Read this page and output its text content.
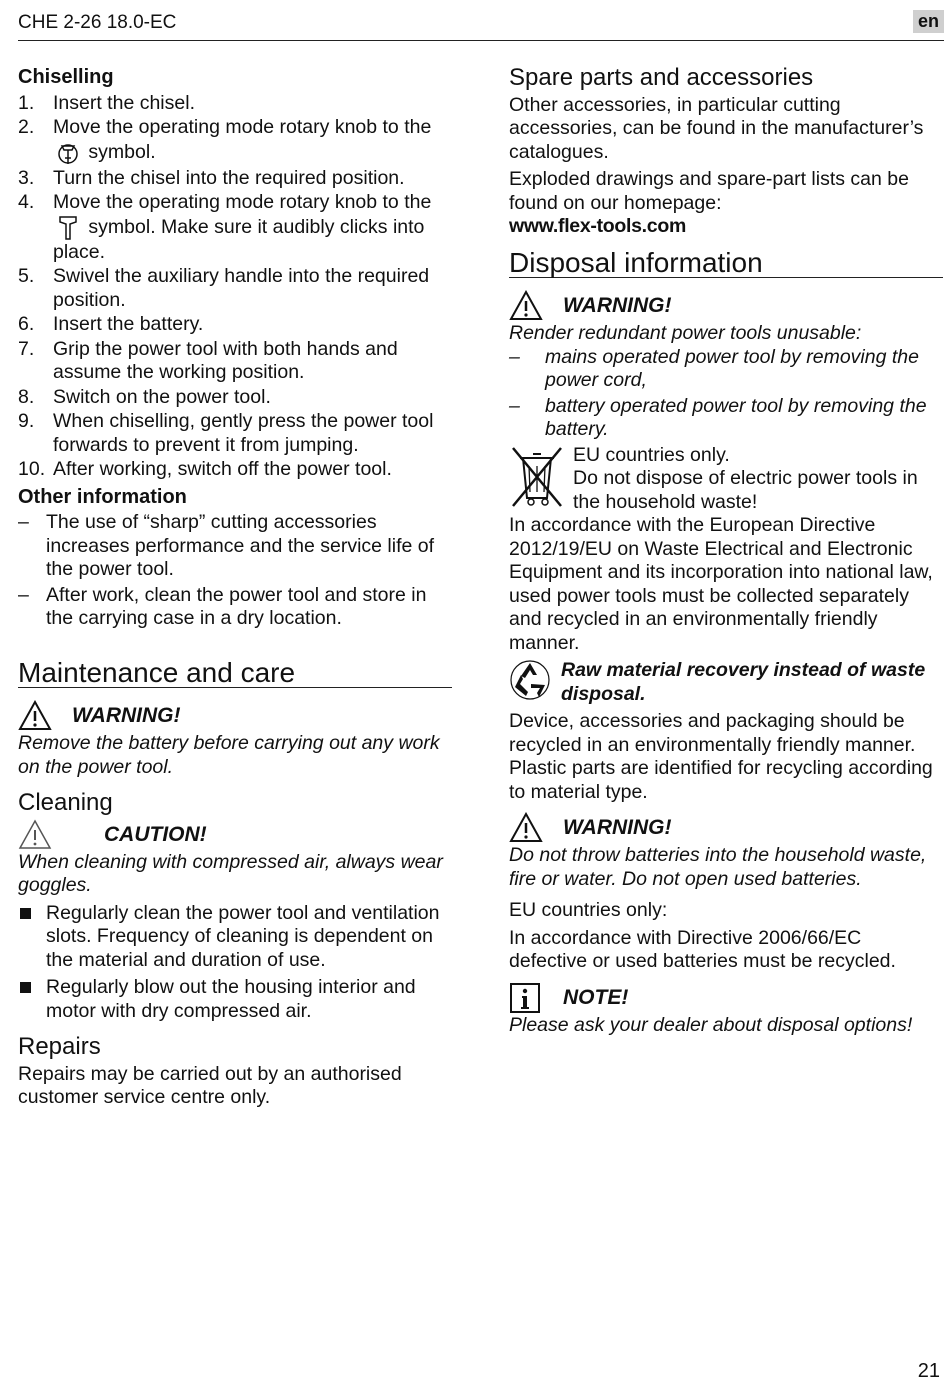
CHE 2-26 18.0-EC	en
Chiselling
1. Insert the chisel.
2. Move the operating mode rotary knob to the  symbol.
3. Turn the chisel into the required position.
4. Move the operating mode rotary knob to the  symbol. Make sure it audibly clicks into place.
5. Swivel the auxiliary handle into the required position.
6. Insert the battery.
7. Grip the power tool with both hands and assume the working position.
8. Switch on the power tool.
9. When chiselling, gently press the power tool forwards to prevent it from jumping.
10. After working, switch off the power tool.
Other information
– The use of “sharp” cutting accessories increases performance and the service life of the power tool.
– After work, clean the power tool and store in the carrying case in a dry location.
Maintenance and care
WARNING!
Remove the battery before carrying out any work on the power tool.
Cleaning
CAUTION!
When cleaning with compressed air, always wear goggles.
Regularly clean the power tool and ventilation slots. Frequency of cleaning is dependent on the material and duration of use.
Regularly blow out the housing interior and motor with dry compressed air.
Repairs

Repairs may be carried out by an authorised customer service centre only.

Spare parts and accessories

Other accessories, in particular cutting accessories, can be found in the manufacturer’s catalogues.

Exploded drawings and spare-part lists can be found on our homepage:

www.flex-tools.com

Disposal information
WARNING!
Render redundant power tools unusable:
– mains operated power tool by removing the power cord,
– battery operated power tool by removing the battery.
EU countries only.
Do not dispose of electric power tools in the household waste!

In accordance with the European Directive 2012/19/EU on Waste Electrical and Electronic Equipment and its incorporation into national law, used power tools must be collected separately and recycled in an environmentally friendly manner.

Raw material recovery instead of waste disposal.

Device, accessories and packaging should be recycled in an environmentally friendly manner. Plastic parts are identified for recycling according to material type.

WARNING!
Do not throw batteries into the household waste, fire or water. Do not open used batteries.

EU countries only:

In accordance with Directive 2006/66/EC defective or used batteries must be recycled.

NOTE!
Please ask your dealer about disposal options!
21
